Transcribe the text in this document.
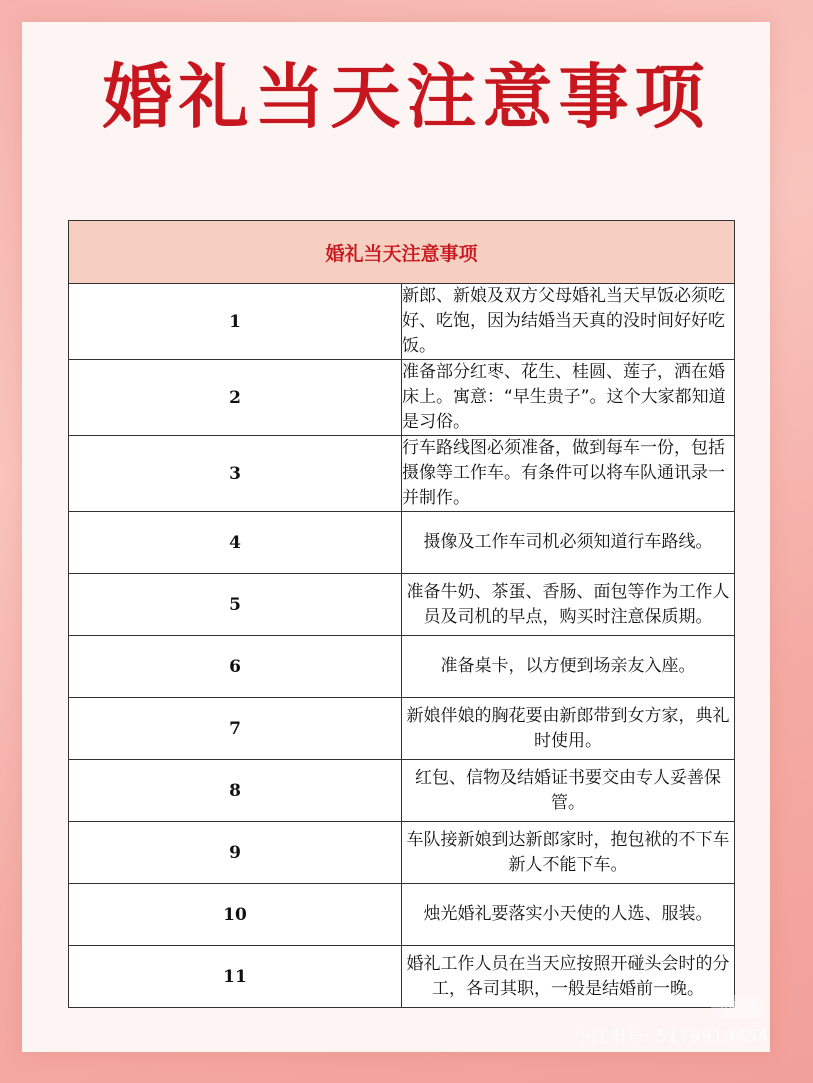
婚礼当天注意事项
婚礼当天注意事项	
1	新郎、新娘及双方父母婚礼当天早饭必须吃好、吃饱，因为结婚当天真的没时间好好吃饭。
2	准备部分红枣、花生、桂圆、莲子，洒在婚床上。寓意：“早生贵子”。这个大家都知道是习俗。
3	行车路线图必须准备，做到每车一份，包括摄像等工作车。有条件可以将车队通讯录一并制作。
4	摄像及工作车司机必须知道行车路线。
5	准备牛奶、茶蛋、香肠、面包等作为工作人员及司机的早点，购买时注意保质期。
6	准备桌卡，以方便到场亲友入座。
7	新娘伴娘的胸花要由新郎带到女方家，典礼时使用。
8	红包、信物及结婚证书要交由专人妥善保管。
9	车队接新娘到达新郎家时，抱包袱的不下车新人不能下车。
10	烛光婚礼要落实小天使的人选、服装。
11	婚礼工作人员在当天应按照开碰头会时的分工，各司其职，一般是结婚前一晚。
小红书
小红书号: 5179919454
